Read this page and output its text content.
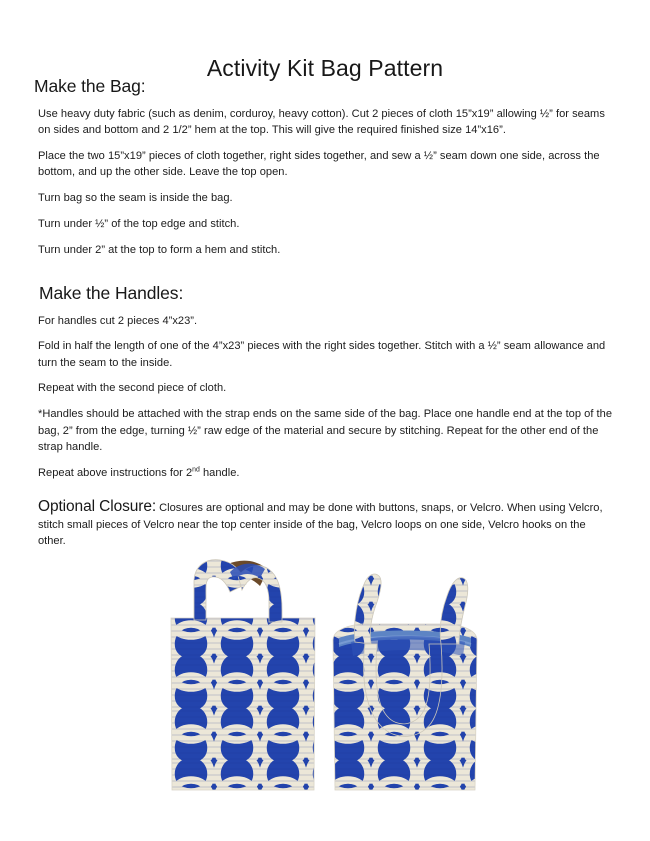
Activity Kit Bag Pattern
Make the Bag:

Use heavy duty fabric (such as denim, corduroy, heavy cotton). Cut 2 pieces of cloth 15”x19” allowing ½” for seams on sides and bottom and 2 1/2” hem at the top. This will give the required finished size 14”x16”.

Place the two 15”x19” pieces of cloth together, right sides together, and sew a ½” seam down one side, across the bottom, and up the other side. Leave the top open.

Turn bag so the seam is inside the bag.

Turn under ½” of the top edge and stitch.

Turn under 2” at the top to form a hem and stitch.

Make the Handles:

For handles cut 2 pieces 4”x23”.

Fold in half the length of one of the 4”x23” pieces with the right sides together. Stitch with a ½” seam allowance and turn the seam to the inside.

Repeat with the second piece of cloth.

*Handles should be attached with the strap ends on the same side of the bag. Place one handle end at the top of the bag, 2” from the edge, turning ½” raw edge of the material and secure by stitching. Repeat for the other end of the strap handle.

Repeat above instructions for 2nd handle.

Optional Closure: Closures are optional and may be done with buttons, snaps, or Velcro. When using Velcro, stitch small pieces of Velcro near the top center inside of the bag, Velcro loops on one side, Velcro hooks on the other.
